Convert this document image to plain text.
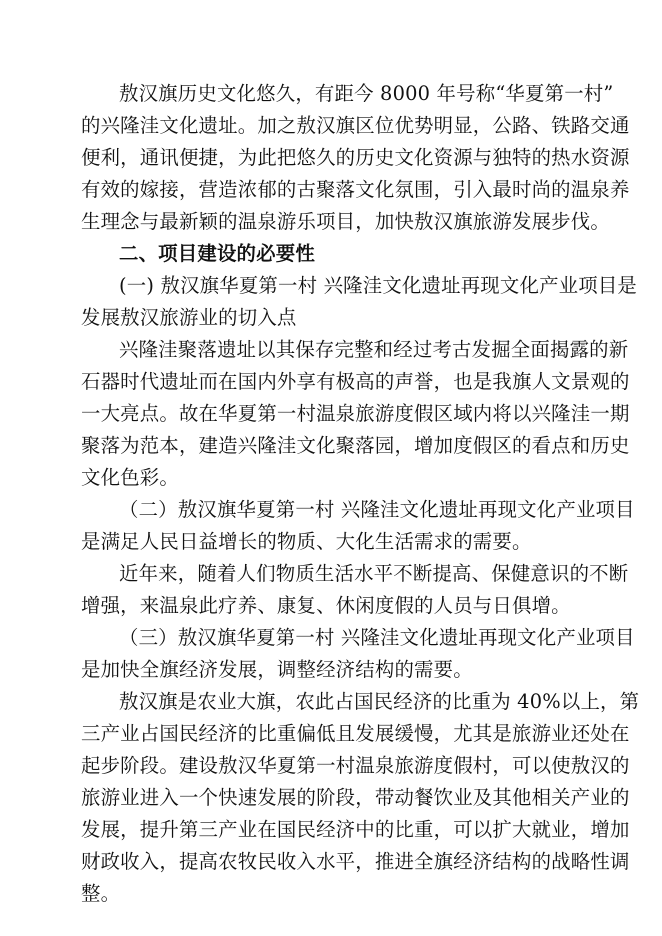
敖汉旗历史文化悠久，有距今 8000 年号称“华夏第一村”
的兴隆洼文化遗址。加之敖汉旗区位优势明显，公路、铁路交通
便利，通讯便捷，为此把悠久的历史文化资源与独特的热水资源
有效的嫁接，营造浓郁的古聚落文化氛围，引入最时尚的温泉养
生理念与最新颖的温泉游乐项目，加快敖汉旗旅游发展步伐。
二、项目建设的必要性
(一) 敖汉旗华夏第一村 兴隆洼文化遗址再现文化产业项目是
发展敖汉旅游业的切入点
兴隆洼聚落遗址以其保存完整和经过考古发掘全面揭露的新
石器时代遗址而在国内外享有极高的声誉，也是我旗人文景观的
一大亮点。故在华夏第一村温泉旅游度假区域内将以兴隆洼一期
聚落为范本，建造兴隆洼文化聚落园，增加度假区的看点和历史
文化色彩。
（二）敖汉旗华夏第一村 兴隆洼文化遗址再现文化产业项目
是满足人民日益增长的物质、大化生活需求的需要。
近年来，随着人们物质生活水平不断提高、保健意识的不断
增强，来温泉此疗养、康复、休闲度假的人员与日俱增。
（三）敖汉旗华夏第一村 兴隆洼文化遗址再现文化产业项目
是加快全旗经济发展，调整经济结构的需要。
敖汉旗是农业大旗，农此占国民经济的比重为 40%以上，第
三产业占国民经济的比重偏低且发展缓慢，尤其是旅游业还处在
起步阶段。建设敖汉华夏第一村温泉旅游度假村，可以使敖汉的
旅游业进入一个快速发展的阶段，带动餐饮业及其他相关产业的
发展，提升第三产业在国民经济中的比重，可以扩大就业，增加
财政收入，提高农牧民收入水平，推进全旗经济结构的战略性调
整。
